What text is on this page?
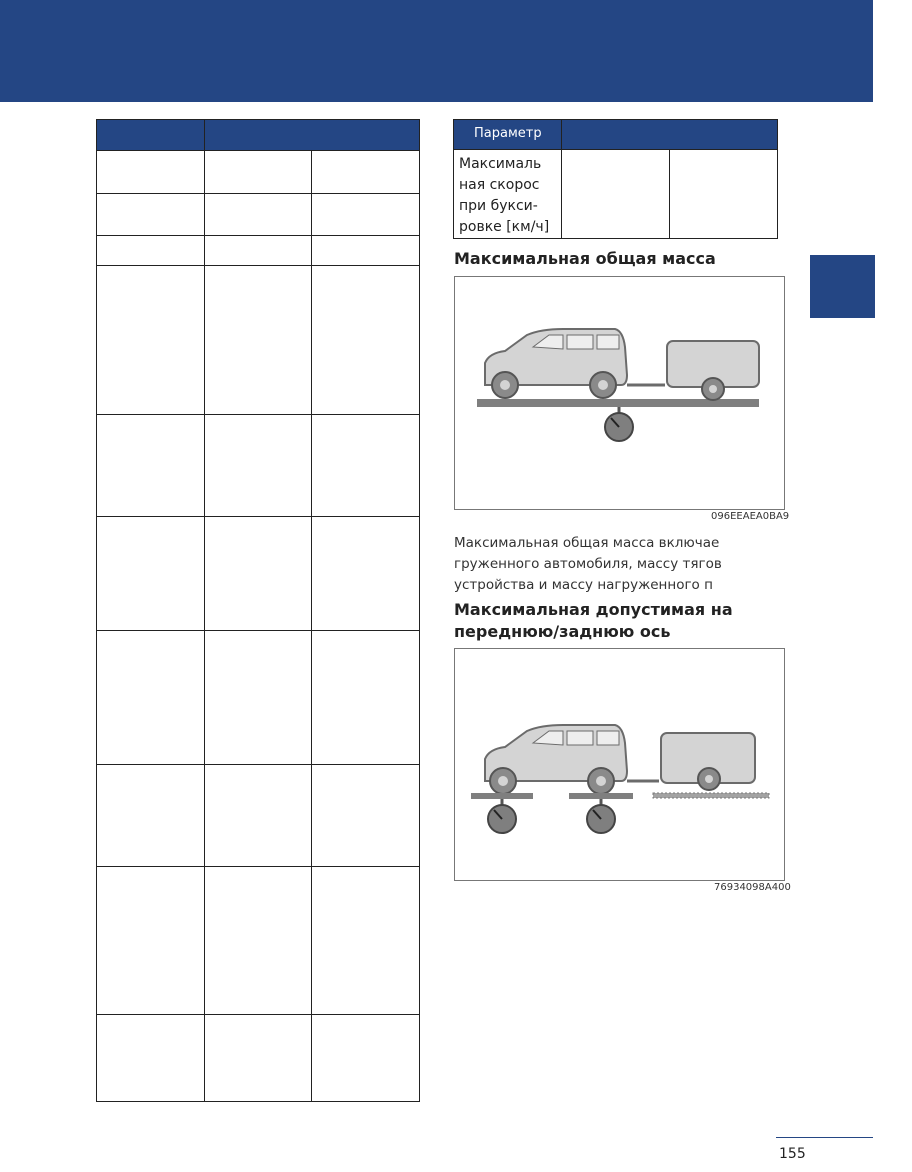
Параметр		
Максималь ная скорос при букси- ровке [км/ч]		
Максимальная общая масса
096EEAEA0BA9
Максимальная общая масса включае груженного автомобиля, массу тягов устройства и массу нагруженного п
Максимальная допустимая на переднюю/заднюю ось
76934098A400
155
